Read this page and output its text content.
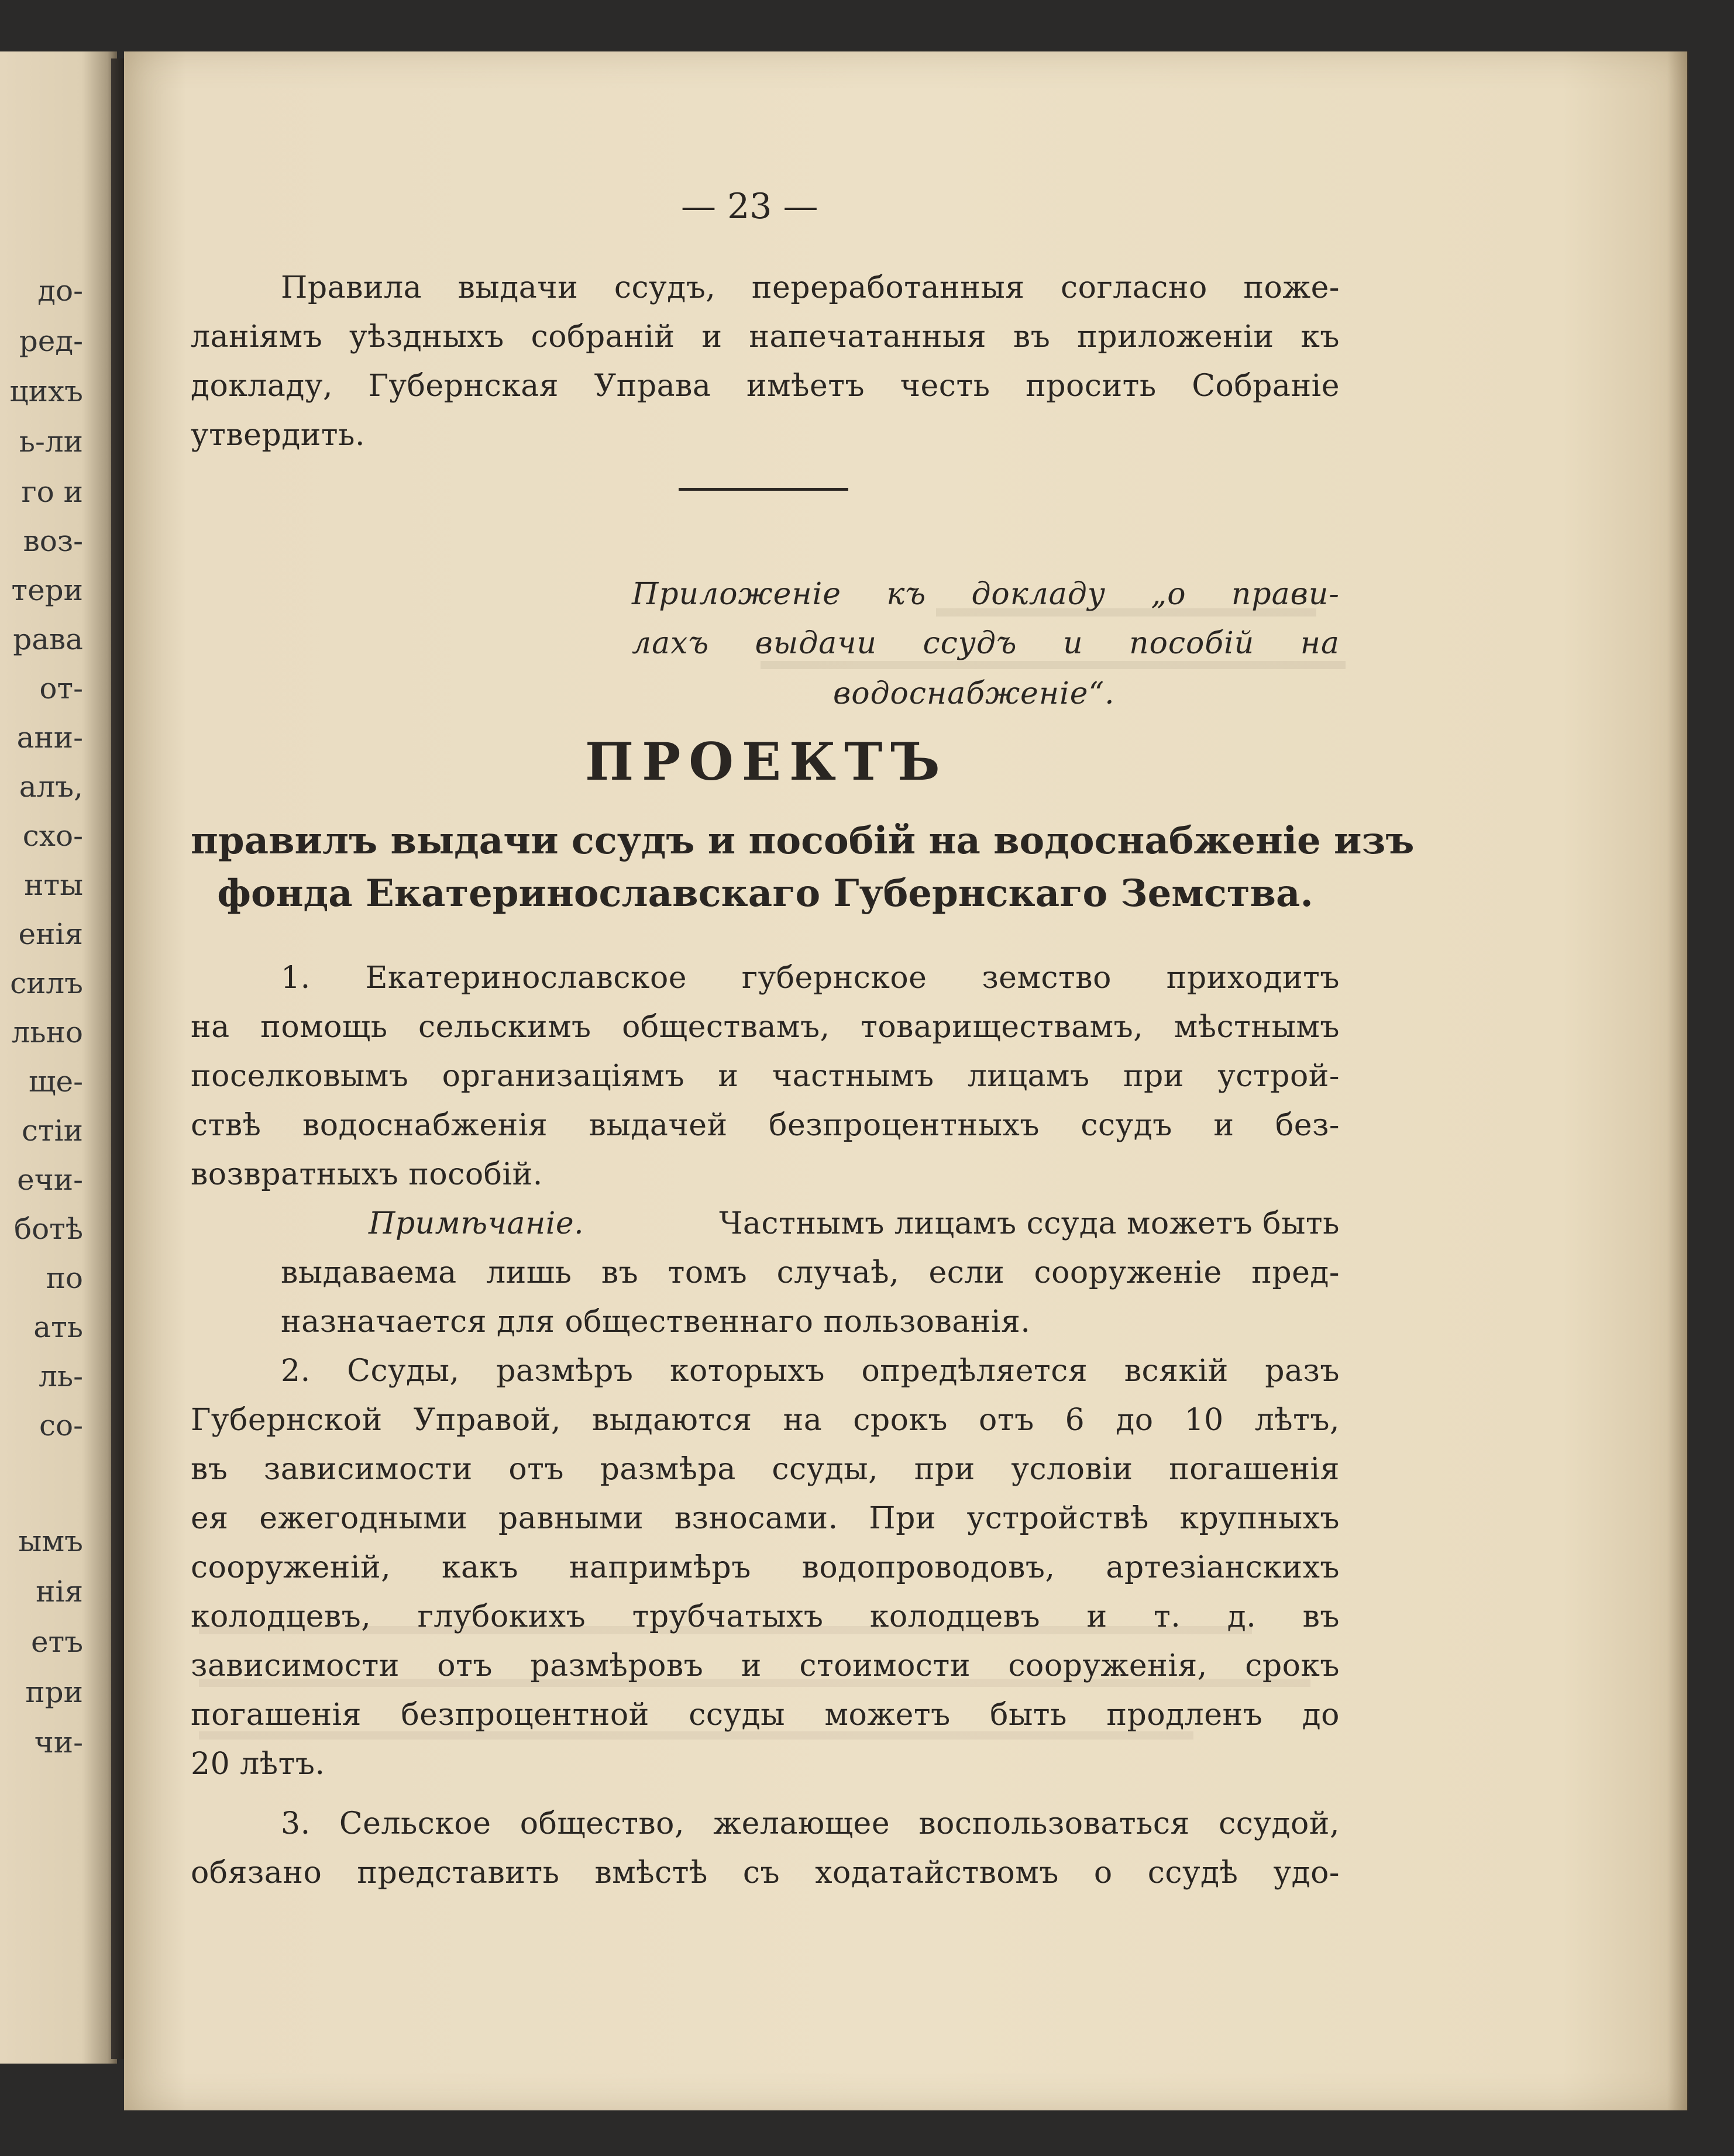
до-
ред-
цихъ
ь-ли
го и
воз-
тери
рава
от-
ани-
алъ,
схо-
нты
енія
силъ
льно
щe-
стіи
ечи-
ботѣ
по
ать
ль-
со-
ымъ
нія
етъ
при
чи-
— 23 —
Правила выдачи ссудъ, переработанныя согласно поже-
ланіямъ уѣздныхъ собраній и напечатанныя въ приложеніи къ
докладу, Губернская Управа имѣетъ честь просить Собраніе
утвердить.
Приложеніе къ докладу „о прави-
лахъ выдачи ссудъ и пособій на
водоснабженіе“.
ПРОЕКТЪ
правилъ выдачи ссудъ и пособій на водоснабженіе изъ
фонда Екатеринославскаго Губернскаго Земства.
1. Екатеринославское губернское земство приходитъ
на помощь сельскимъ обществамъ, товариществамъ, мѣстнымъ
поселковымъ организаціямъ и частнымъ лицамъ при устрой-
ствѣ водоснабженія выдачей безпроцентныхъ ссудъ и без-
возвратныхъ пособій.
Примѣчаніе.	Частнымъ лицамъ ссуда можетъ быть
выдаваема лишь въ томъ случаѣ, если сооруженіе пред-
назначается для общественнаго пользованія.
2. Ссуды, размѣръ которыхъ опредѣляется всякій разъ
Губернской Управой, выдаются на срокъ отъ 6 до 10 лѣтъ,
въ зависимости отъ размѣра ссуды, при условіи погашенія
ея ежегодными равными взносами. При устройствѣ крупныхъ
сооруженій, какъ напримѣръ водопроводовъ, артезіанскихъ
колодцевъ, глубокихъ трубчатыхъ колодцевъ и т. д. въ
зависимости отъ размѣровъ и стоимости сооруженія, срокъ
погашенія безпроцентной ссуды можетъ быть продленъ до
20 лѣтъ.
3. Сельское общество, желающее воспользоваться ссудой,
обязано представить вмѣстѣ съ ходатайствомъ о ссудѣ удо-
